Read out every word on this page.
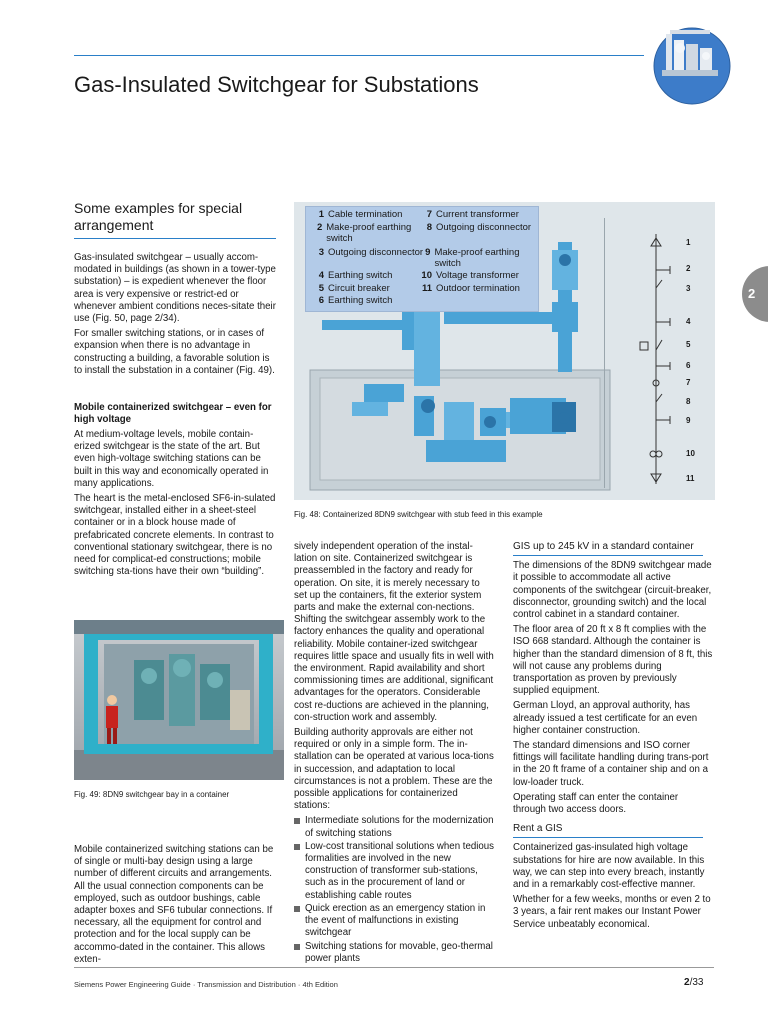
Gas-Insulated Switchgear for Substations
2
Some examples for special arrangement

Gas-insulated switchgear – usually accom-modated in buildings (as shown in a tower-type substation) – is expedient whenever the floor area is very expensive or restrict-ed or whenever ambient conditions neces-sitate their use (Fig. 50, page 2/34).

For smaller switching stations, or in cases of expansion when there is no advantage in constructing a building, a favorable solution is to install the substation in a container (Fig. 49).

Mobile containerized switchgear – even for high voltage

At medium-voltage levels, mobile contain-erized switchgear is the state of the art. But even high-voltage switching stations can be built in this way and economically operated in many applications.

The heart is the metal-enclosed SF6-in-sulated switchgear, installed either in a sheet-steel container or in a block house made of prefabricated concrete elements. In contrast to conventional stationary switchgear, there is no need for complicat-ed constructions; mobile switching sta-tions have their own “building”.

Fig. 49: 8DN9 switchgear bay in a container

Mobile containerized switching stations can be of single or multi-bay design using a large number of different circuits and arrangements. All the usual connection components can be employed, such as outdoor bushings, cable adapter boxes and SF6 tubular connections. If necessary, all the equipment for control and protection and for the local supply can be accommo-dated in the container. This allows exten-

1 Cable termination
2 Make-proof earthing switch
3 Outgoing disconnector
4 Earthing switch
5 Circuit breaker
6 Earthing switch
7 Current transformer
8 Outgoing disconnector
9 Make-proof earthing switch
10 Voltage transformer
11 Outdoor termination
1
2
3
4
5
6
7
8
9
10
11
Fig. 48: Containerized 8DN9 switchgear with stub feed in this example

sively independent operation of the instal-lation on site. Containerized switchgear is preassembled in the factory and ready for operation. On site, it is merely necessary to set up the containers, fit the exterior system parts and make the external con-nections. Shifting the switchgear assembly work to the factory enhances the quality and operational reliability. Mobile container-ized switchgear requires little space and usually fits in well with the environment. Rapid availability and short commissioning times are additional, significant advantages for the operators. Considerable cost re-ductions are achieved in the planning, con-struction work and assembly.

Building authority approvals are either not required or only in a simple form. The in-stallation can be operated at various loca-tions in succession, and adaptation to local circumstances is not a problem. These are the possible applications for containerized stations:

Intermediate solutions for the modernization of switching stations
Low-cost transitional solutions when tedious formalities are involved in the new construction of transformer sub-stations, such as in the procurement of land or establishing cable routes
Quick erection as an emergency station in the event of malfunctions in existing switchgear
Switching stations for movable, geo-thermal power plants
GIS up to 245 kV in a standard container

The dimensions of the 8DN9 switchgear made it possible to accommodate all active components of the switchgear (circuit-breaker, disconnector, grounding switch) and the local control cabinet in a standard container.

The floor area of 20 ft x 8 ft complies with the ISO 668 standard. Although the container is higher than the standard dimension of 8 ft, this will not cause any problems during transportation as proven by previously supplied equipment.

German Lloyd, an approval authority, has already issued a test certificate for an even higher container construction.

The standard dimensions and ISO corner fittings will facilitate handling during trans-port in the 20 ft frame of a container ship and on a low-loader truck.

Operating staff can enter the container through two access doors.

Rent a GIS

Containerized gas-insulated high voltage substations for hire are now available. In this way, we can step into every breach, instantly and in a remarkably cost-effective manner.

Whether for a few weeks, months or even 2 to 3 years, a fair rent makes our Instant Power Service unbeatably economical.

Siemens Power Engineering Guide · Transmission and Distribution · 4th Edition	2/33
